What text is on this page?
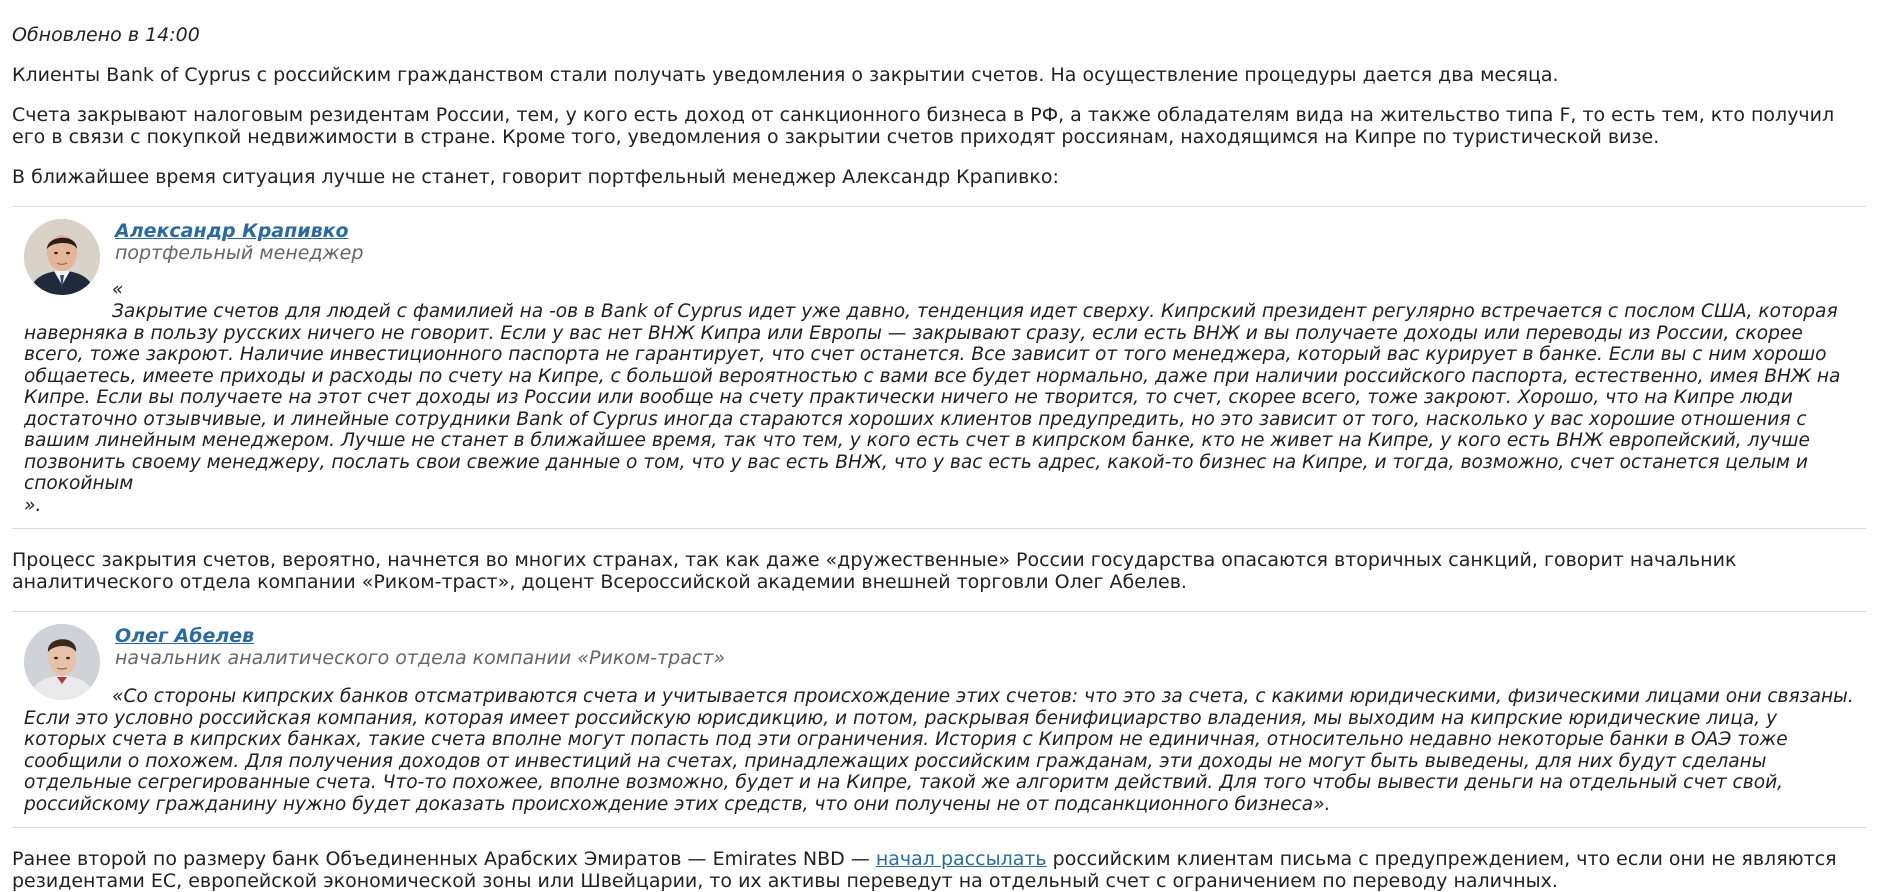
Обновлено в 14:00

Клиенты Bank of Cyprus с российским гражданством стали получать уведомления о закрытии счетов. На осуществление процедуры дается два месяца.

Счета закрывают налоговым резидентам России, тем, у кого есть доход от санкционного бизнеса в РФ, а также обладателям вида на жительство типа F, то есть тем, кто получил его в связи с покупкой недвижимости в стране. Кроме того, уведомления о закрытии счетов приходят россиянам, находящимся на Кипре по туристической визе.

В ближайшее время ситуация лучше не станет, говорит портфельный менеджер Александр Крапивко:

Александр Крапивко
портфельный менеджер
«
Закрытие счетов для людей с фамилией на -ов в Bank of Cyprus идет уже давно, тенденция идет сверху. Кипрский президент регулярно встречается с послом США, которая наверняка в пользу русских ничего не говорит. Если у вас нет ВНЖ Кипра или Европы — закрывают сразу, если есть ВНЖ и вы получаете доходы или переводы из России, скорее всего, тоже закроют. Наличие инвестиционного паспорта не гарантирует, что счет останется. Все зависит от того менеджера, который вас курирует в банке. Если вы с ним хорошо общаетесь, имеете приходы и расходы по счету на Кипре, с большой вероятностью с вами все будет нормально, даже при наличии российского паспорта, естественно, имея ВНЖ на Кипре. Если вы получаете на этот счет доходы из России или вообще на счету практически ничего не творится, то счет, скорее всего, тоже закроют. Хорошо, что на Кипре люди достаточно отзывчивые, и линейные сотрудники Bank of Cyprus иногда стараются хороших клиентов предупредить, но это зависит от того, насколько у вас хорошие отношения с вашим линейным менеджером. Лучше не станет в ближайшее время, так что тем, у кого есть счет в кипрском банке, кто не живет на Кипре, у кого есть ВНЖ европейский, лучше позвонить своему менеджеру, послать свои свежие данные о том, что у вас есть ВНЖ, что у вас есть адрес, какой-то бизнес на Кипре, и тогда, возможно, счет останется целым и спокойным
».

Процесс закрытия счетов, вероятно, начнется во многих странах, так как даже «дружественные» России государства опасаются вторичных санкций, говорит начальник аналитического отдела компании «Риком-траст», доцент Всероссийской академии внешней торговли Олег Абелев.

Олег Абелев
начальник аналитического отдела компании «Риком-траст»
«Со стороны кипрских банков отсматриваются счета и учитывается происхождение этих счетов: что это за счета, с какими юридическими, физическими лицами они связаны. Если это условно российская компания, которая имеет российскую юрисдикцию, и потом, раскрывая бенифициарство владения, мы выходим на кипрские юридические лица, у которых счета в кипрских банках, такие счета вполне могут попасть под эти ограничения. История с Кипром не единичная, относительно недавно некоторые банки в ОАЭ тоже сообщили о похожем. Для получения доходов от инвестиций на счетах, принадлежащих российским гражданам, эти доходы не могут быть выведены, для них будут сделаны отдельные сегрегированные счета. Что-то похожее, вполне возможно, будет и на Кипре, такой же алгоритм действий. Для того чтобы вывести деньги на отдельный счет свой, российскому гражданину нужно будет доказать происхождение этих средств, что они получены не от подсанкционного бизнеса».

Ранее второй по размеру банк Объединенных Арабских Эмиратов — Emirates NBD — начал рассылать российским клиентам письма с предупреждением, что если они не являются резидентами ЕС, европейской экономической зоны или Швейцарии, то их активы переведут на отдельный счет с ограничением по переводу наличных.
